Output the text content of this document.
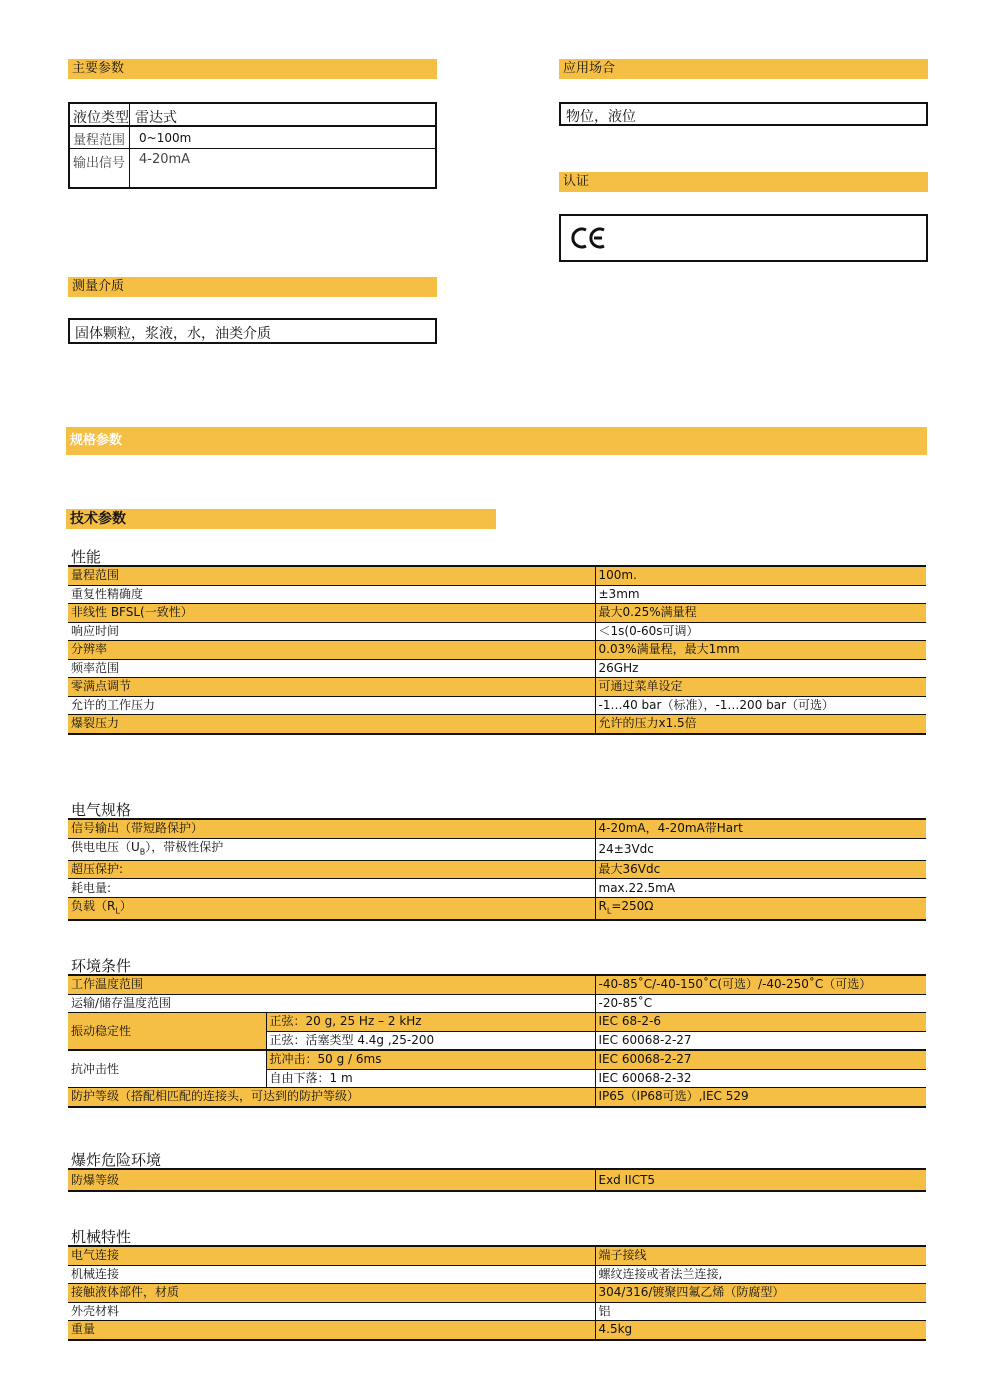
主要参数
液位类型 雷达式
量程范围	0~100m
输出信号	4-20mA
应用场合
物位，液位
认证
测量介质
固体颗粒，浆液，水，油类介质
规格参数
技术参数
性能
量程范围	100m.
重复性精确度	±3mm
非线性 BFSL(一致性）	最大0.25%满量程
响应时间	＜1s(0-60s可调）
分辨率	0.03%满量程，最大1mm
频率范围	26GHz
零满点调节	可通过菜单设定
允许的工作压力	-1…40 bar（标准），-1…200 bar（可选）
爆裂压力	允许的压力x1.5倍
电气规格
信号输出（带短路保护）	4-20mA，4-20mA带Hart
供电电压$(U_B)$，带极性保护	24±3Vdc
超压保护:	最大36Vdc
耗电量:	max.22.5mA
负载$(R_L)$	$R_L=250\Omega$
环境条件
工作温度范围		-40-85˚C/-40-150˚C(可选）/-40-250˚C（可选）
运输/储存温度范围		-20-85˚C
振动稳定性	正弦：20 g, 25 Hz – 2 kHz	IEC 68-2-6
	正弦：活塞类型 4.4g ,25-200	IEC 60068-2-27
抗冲击性	抗冲击：50 g / 6ms	IEC 60068-2-27
	自由下落：1 m	IEC 60068-2-32
防护等级（搭配相匹配的连接头，可达到的防护等级）		IP65（IP68可选）,IEC 529
爆炸危险环境
防爆等级	Exd IICT5
机械特性
电气连接	端子接线
机械连接	螺纹连接或者法兰连接,
接触液体部件，材质	304/316/镀聚四氟乙烯（防腐型）
外壳材料	铝
重量	4.5kg
